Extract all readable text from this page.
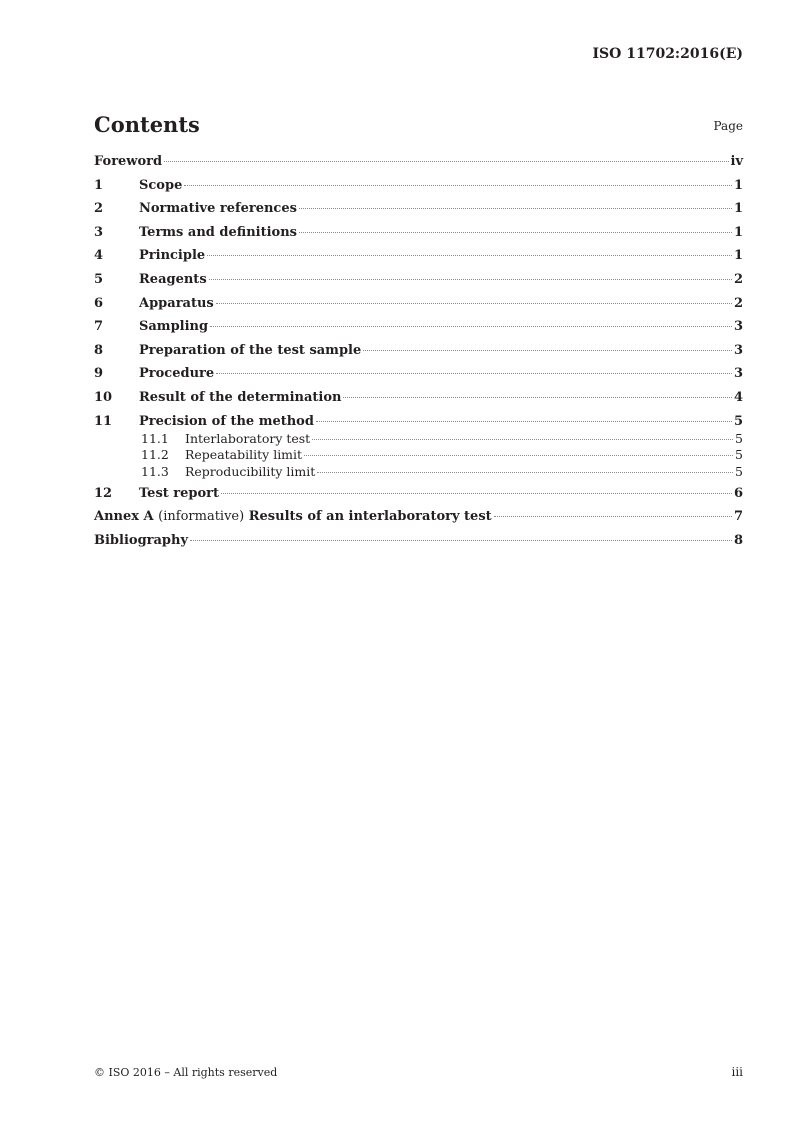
ISO 11702:2016(E)
Contents	Page
Foreword	iv
1	Scope	1
2	Normative references	1
3	Terms and definitions	1
4	Principle	1
5	Reagents	2
6	Apparatus	2
7	Sampling	3
8	Preparation of the test sample	3
9	Procedure	3
10	Result of the determination	4
11	Precision of the method	5
11.1	Interlaboratory test	5
11.2	Repeatability limit	5
11.3	Reproducibility limit	5
12	Test report	6
Annex A (informative) Results of an interlaboratory test	7
Bibliography	8
© ISO 2016 – All rights reserved	iii
